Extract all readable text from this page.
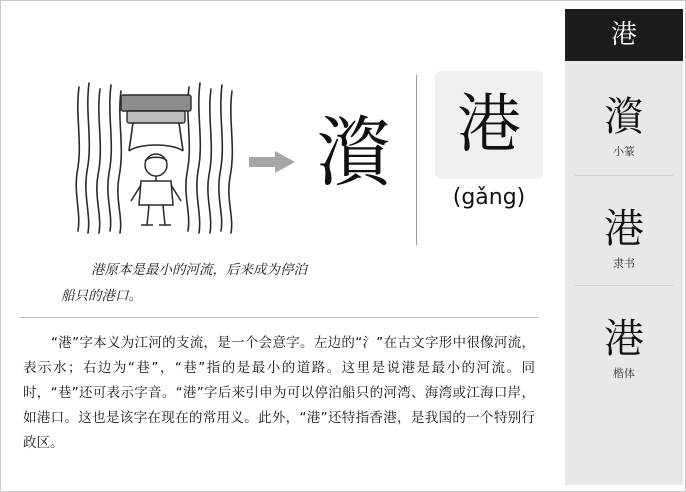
澬	港
(gǎng)
港原本是最小的河流，后来成为停泊
船只的港口。
“港”字本义为江河的支流，是一个会意字。左边的“氵”在古文字形中很像河流，表示水；右边为“巷”，“巷”指的是最小的道路。这里是说港是最小的河流。同时，“巷”还可表示字音。“港”字后来引申为可以停泊船只的河湾、海湾或江海口岸，如港口。这也是该字在现在的常用义。此外，“港”还特指香港，是我国的一个特别行政区。
港
澬
小篆
港
隶书
港
楷体
